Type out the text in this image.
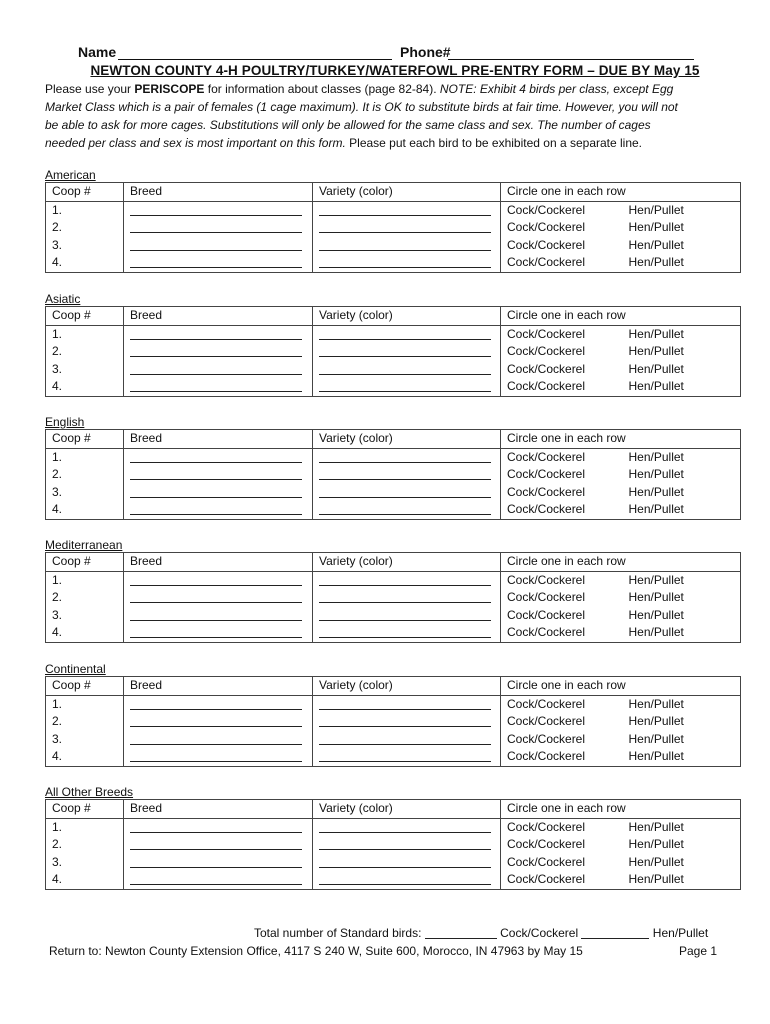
Name	Phone#
NEWTON COUNTY 4-H POULTRY/TURKEY/WATERFOWL PRE-ENTRY FORM – DUE BY May 15
Please use your PERISCOPE for information about classes (page 82-84). NOTE: Exhibit 4 birds per class, except Egg
Market Class which is a pair of females (1 cage maximum). It is OK to substitute birds at fair time. However, you will not
be able to ask for more cages. Substitutions will only be allowed for the same class and sex. The number of cages
needed per class and sex is most important on this form. Please put each bird to be exhibited on a separate line.
American
Coop #	Breed	Variety (color)	Circle one in each row	
1.			Cock/Cockerel	Hen/Pullet
2.			Cock/Cockerel	Hen/Pullet
3.			Cock/Cockerel	Hen/Pullet
4.			Cock/Cockerel	Hen/Pullet
Asiatic
Coop #	Breed	Variety (color)	Circle one in each row	
1.			Cock/Cockerel	Hen/Pullet
2.			Cock/Cockerel	Hen/Pullet
3.			Cock/Cockerel	Hen/Pullet
4.			Cock/Cockerel	Hen/Pullet
English
Coop #	Breed	Variety (color)	Circle one in each row	
1.			Cock/Cockerel	Hen/Pullet
2.			Cock/Cockerel	Hen/Pullet
3.			Cock/Cockerel	Hen/Pullet
4.			Cock/Cockerel	Hen/Pullet
Mediterranean
Coop #	Breed	Variety (color)	Circle one in each row	
1.			Cock/Cockerel	Hen/Pullet
2.			Cock/Cockerel	Hen/Pullet
3.			Cock/Cockerel	Hen/Pullet
4.			Cock/Cockerel	Hen/Pullet
Continental
Coop #	Breed	Variety (color)	Circle one in each row	
1.			Cock/Cockerel	Hen/Pullet
2.			Cock/Cockerel	Hen/Pullet
3.			Cock/Cockerel	Hen/Pullet
4.			Cock/Cockerel	Hen/Pullet
All Other Breeds
Coop #	Breed	Variety (color)	Circle one in each row	
1.			Cock/Cockerel	Hen/Pullet
2.			Cock/Cockerel	Hen/Pullet
3.			Cock/Cockerel	Hen/Pullet
4.			Cock/Cockerel	Hen/Pullet
Total number of Standard birds:	Cock/Cockerel	Hen/Pullet
Return to: Newton County Extension Office, 4117 S 240 W, Suite 600, Morocco, IN 47963 by May 15	Page 1
